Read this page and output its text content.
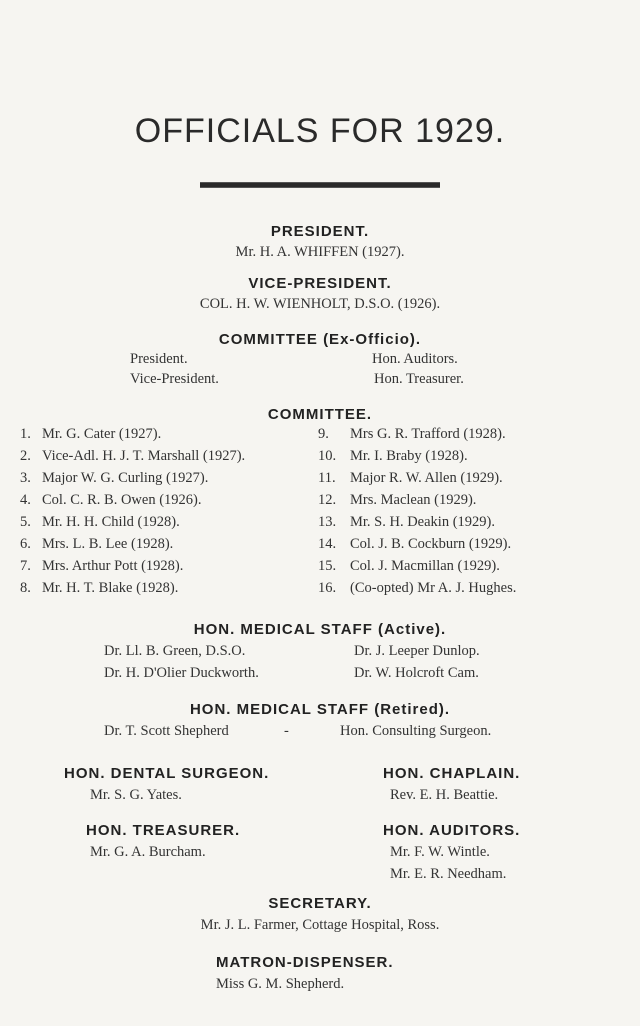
OFFICIALS FOR 1929.
PRESIDENT.
Mr. H. A. WHIFFEN (1927).
VICE-PRESIDENT.
COL. H. W. WIENHOLT, D.S.O. (1926).
COMMITTEE (Ex-Officio).
President.
Vice-President.
Hon. Auditors.
Hon. Treasurer.
COMMITTEE.
1. Mr. G. Cater (1927).
2. Vice-Adl. H. J. T. Marshall (1927).
3. Major W. G. Curling (1927).
4. Col. C. R. B. Owen (1926).
5. Mr. H. H. Child (1928).
6. Mrs. L. B. Lee (1928).
7. Mrs. Arthur Pott (1928).
8. Mr. H. T. Blake (1928).
9. Mrs G. R. Trafford (1928).
10. Mr. I. Braby (1928).
11. Major R. W. Allen (1929).
12. Mrs. Maclean (1929).
13. Mr. S. H. Deakin (1929).
14. Col. J. B. Cockburn (1929).
15. Col. J. Macmillan (1929).
16. (Co-opted) Mr A. J. Hughes.
HON. MEDICAL STAFF (Active).
Dr. Ll. B. Green, D.S.O.
Dr. H. D'Olier Duckworth.
Dr. J. Leeper Dunlop.
Dr. W. Holcroft Cam.
HON. MEDICAL STAFF (Retired).
Dr. T. Scott Shepherd	-	Hon. Consulting Surgeon.
HON. DENTAL SURGEON.
Mr. S. G. Yates.
HON. CHAPLAIN.
Rev. E. H. Beattie.
HON. TREASURER.
Mr. G. A. Burcham.
HON. AUDITORS.
Mr. F. W. Wintle.
Mr. E. R. Needham.
SECRETARY.
Mr. J. L. Farmer, Cottage Hospital, Ross.
MATRON-DISPENSER.
Miss G. M. Shepherd.
